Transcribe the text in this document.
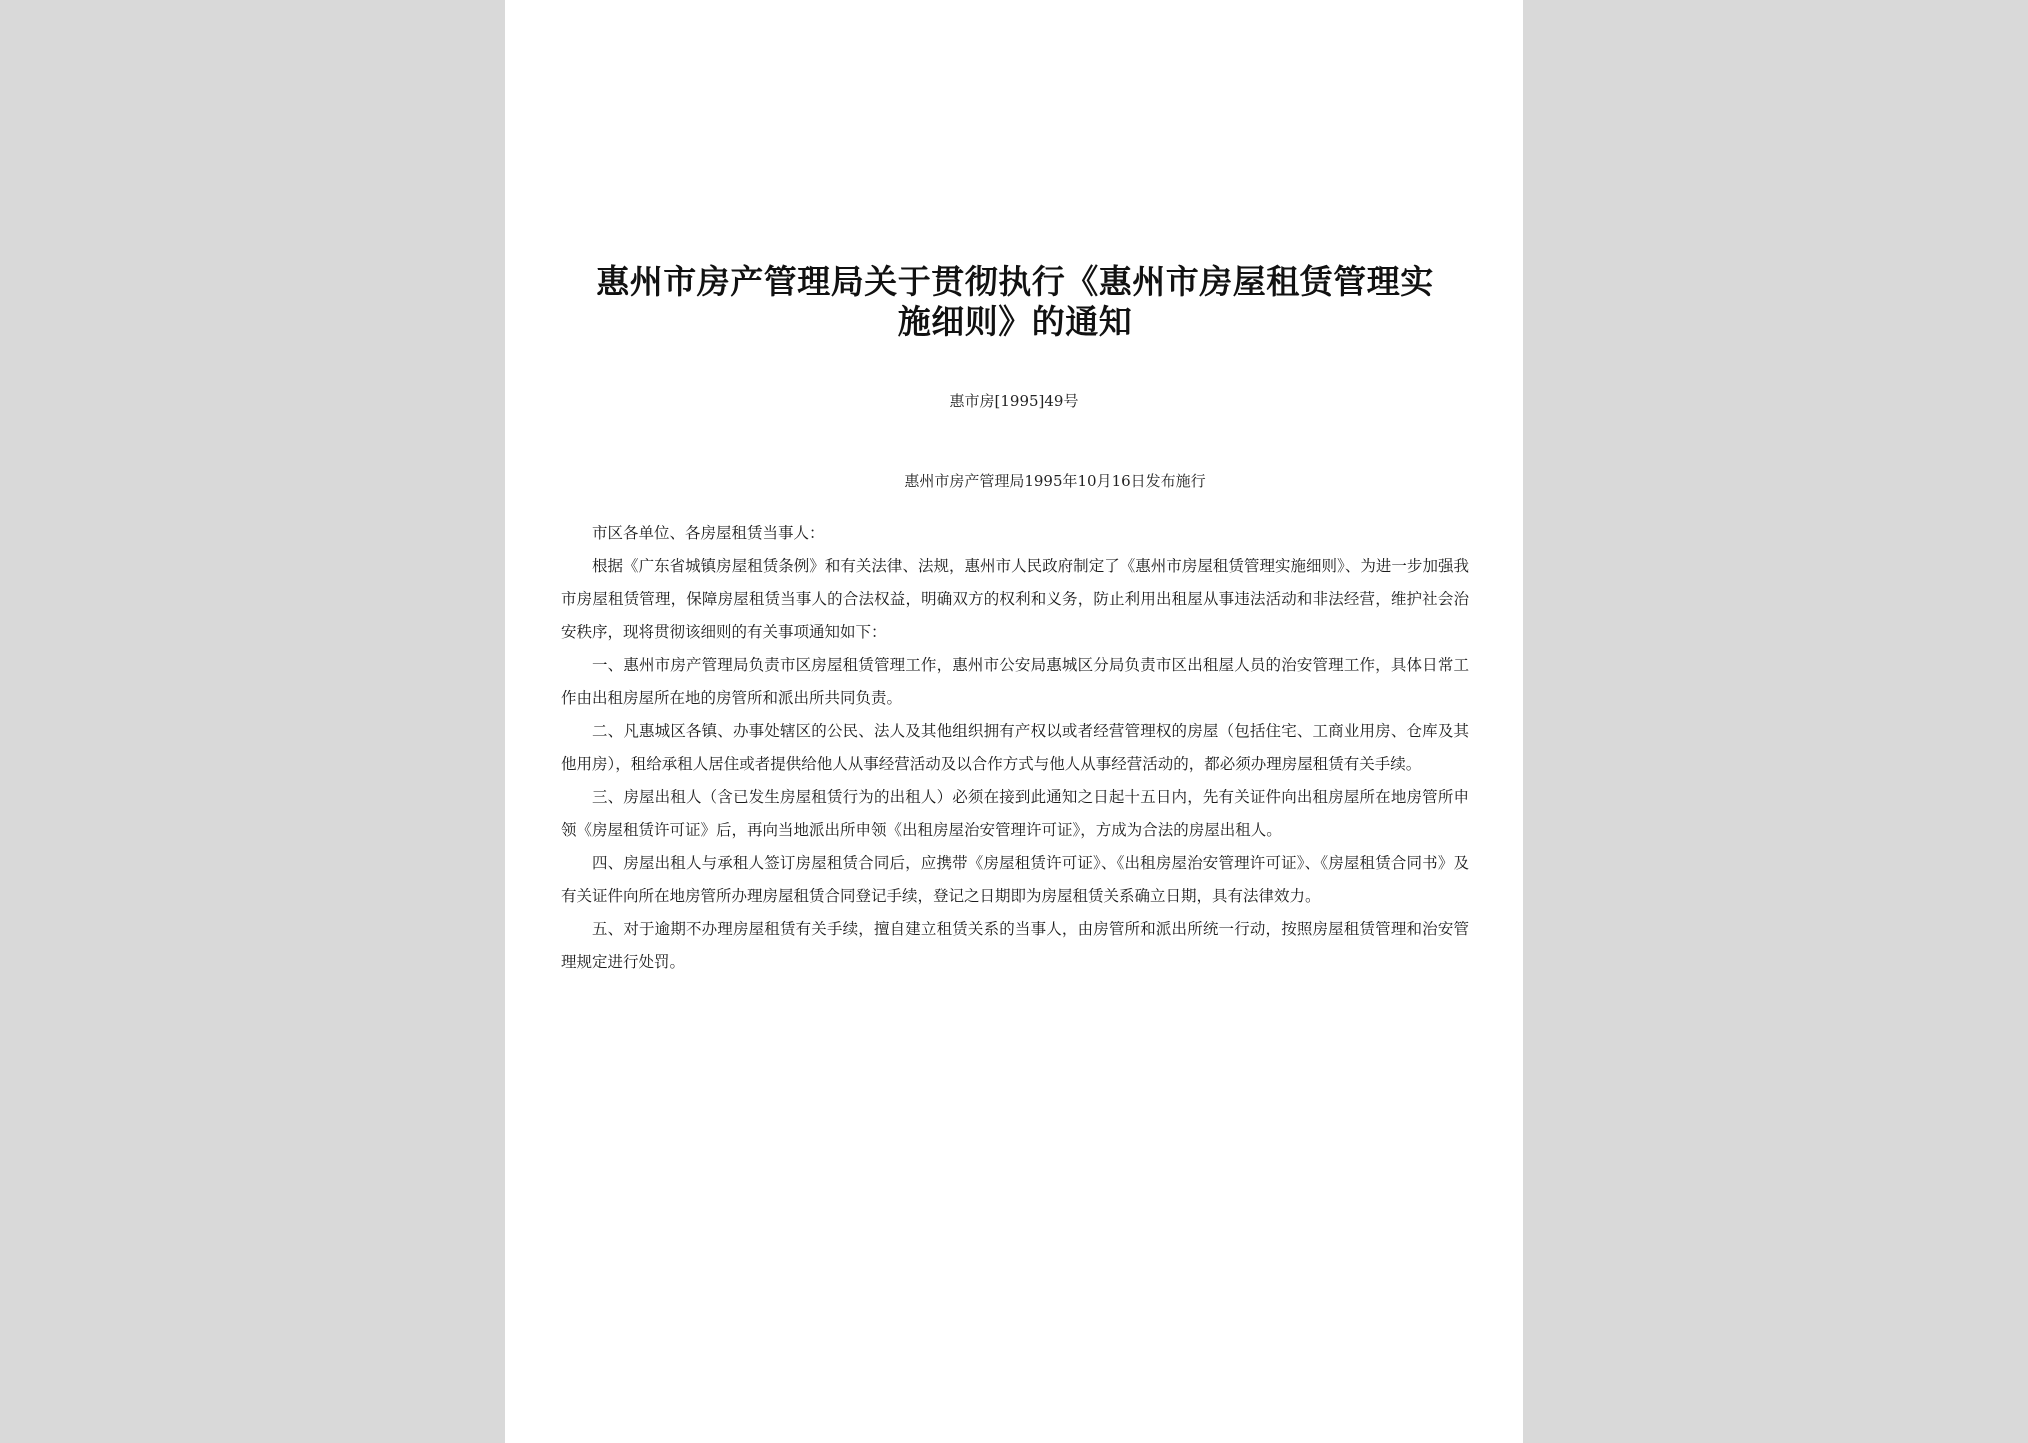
惠州市房产管理局关于贯彻执行《惠州市房屋租赁管理实施细则》的通知
惠市房[1995]49号
惠州市房产管理局1995年10月16日发布施行

市区各单位、各房屋租赁当事人：

根据《广东省城镇房屋租赁条例》和有关法律、法规，惠州市人民政府制定了《惠州市房屋租赁管理实施细则》、为进一步加强我市房屋租赁管理，保障房屋租赁当事人的合法权益，明确双方的权利和义务，防止利用出租屋从事违法活动和非法经营，维护社会治安秩序，现将贯彻该细则的有关事项通知如下：

一、惠州市房产管理局负责市区房屋租赁管理工作，惠州市公安局惠城区分局负责市区出租屋人员的治安管理工作，具体日常工作由出租房屋所在地的房管所和派出所共同负责。

二、凡惠城区各镇、办事处辖区的公民、法人及其他组织拥有产权以或者经营管理权的房屋（包括住宅、工商业用房、仓库及其他用房），租给承租人居住或者提供给他人从事经营活动及以合作方式与他人从事经营活动的，都必须办理房屋租赁有关手续。

三、房屋出租人（含已发生房屋租赁行为的出租人）必须在接到此通知之日起十五日内，先有关证件向出租房屋所在地房管所申领《房屋租赁许可证》后，再向当地派出所申领《出租房屋治安管理许可证》，方成为合法的房屋出租人。

四、房屋出租人与承租人签订房屋租赁合同后，应携带《房屋租赁许可证》、《出租房屋治安管理许可证》、《房屋租赁合同书》及有关证件向所在地房管所办理房屋租赁合同登记手续，登记之日期即为房屋租赁关系确立日期，具有法律效力。

五、对于逾期不办理房屋租赁有关手续，擅自建立租赁关系的当事人，由房管所和派出所统一行动，按照房屋租赁管理和治安管理规定进行处罚。
